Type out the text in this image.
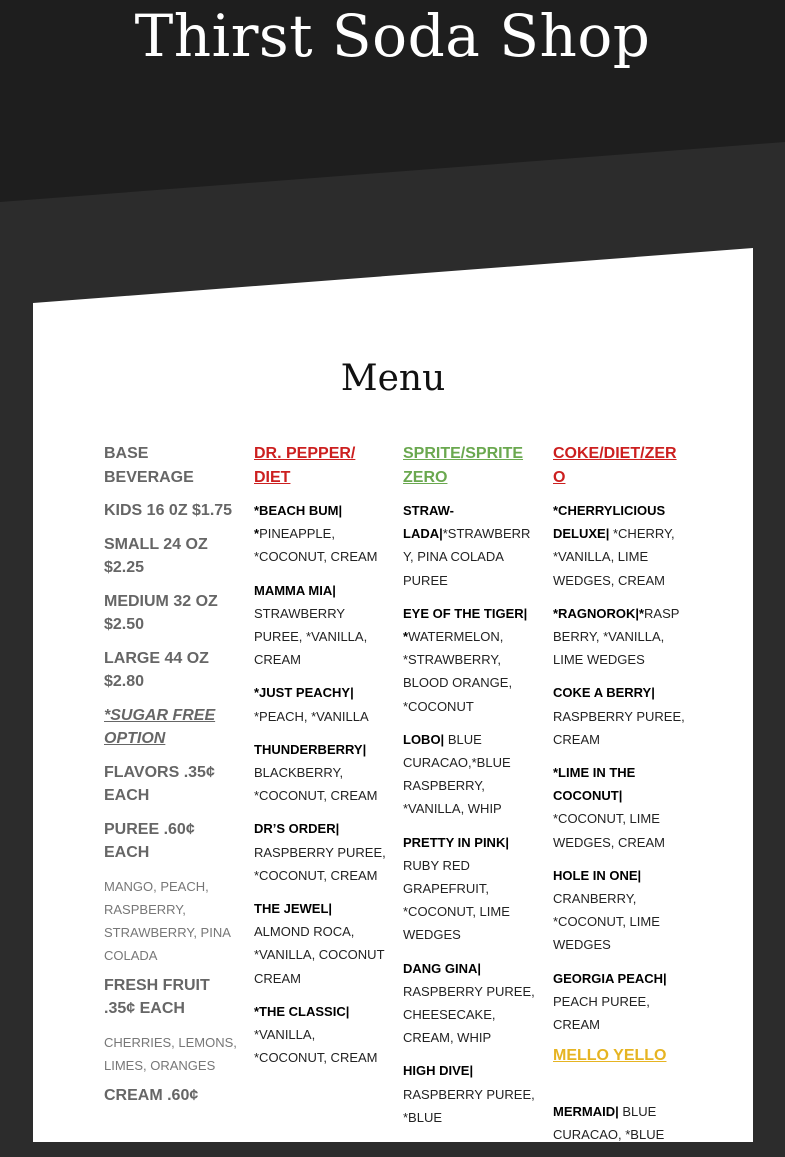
Thirst Soda Shop
Menu

BASE BEVERAGE

KIDS 16 0Z $1.75

SMALL 24 OZ $2.25

MEDIUM 32 OZ $2.50

LARGE 44 OZ $2.80

*SUGAR FREE OPTION

FLAVORS .35¢ EACH

PUREE .60¢ EACH

MANGO, PEACH, RASPBERRY, STRAWBERRY, PINA COLADA

FRESH FRUIT .35¢ EACH

CHERRIES, LEMONS, LIMES, ORANGES

CREAM .60¢

DR. PEPPER/ DIET

*BEACH BUM| *PINEAPPLE, *COCONUT, CREAM

MAMMA MIA| STRAWBERRY PUREE, *VANILLA, CREAM

*JUST PEACHY| *PEACH, *VANILLA

THUNDERBERRY| BLACKBERRY, *COCONUT, CREAM

DR’S ORDER| RASPBERRY PUREE, *COCONUT, CREAM

THE JEWEL| ALMOND ROCA, *VANILLA, COCONUT CREAM

*THE CLASSIC| *VANILLA, *COCONUT, CREAM

SPRITE/SPRITE ZERO

STRAW-LADA|*STRAWBERRY, PINA COLADA PUREE

EYE OF THE TIGER| *WATERMELON, *STRAWBERRY, BLOOD ORANGE, *COCONUT

LOBO| BLUE CURACAO,*BLUE RASPBERRY, *VANILLA, WHIP

PRETTY IN PINK| RUBY RED GRAPEFRUIT, *COCONUT, LIME WEDGES

DANG GINA| RASPBERRY PUREE, CHEESECAKE, CREAM, WHIP

HIGH DIVE| RASPBERRY PUREE, *BLUE

COKE/DIET/ZERO

*CHERRYLICIOUS DELUXE| *CHERRY, *VANILLA, LIME WEDGES, CREAM

*RAGNOROK|*RASPBERRY, *VANILLA, LIME WEDGES

COKE A BERRY| RASPBERRY PUREE, CREAM

*LIME IN THE COCONUT| *COCONUT, LIME WEDGES, CREAM

HOLE IN ONE| CRANBERRY, *COCONUT, LIME WEDGES

GEORGIA PEACH| PEACH PUREE, CREAM

MELLO YELLO

MERMAID| BLUE CURACAO, *BLUE
